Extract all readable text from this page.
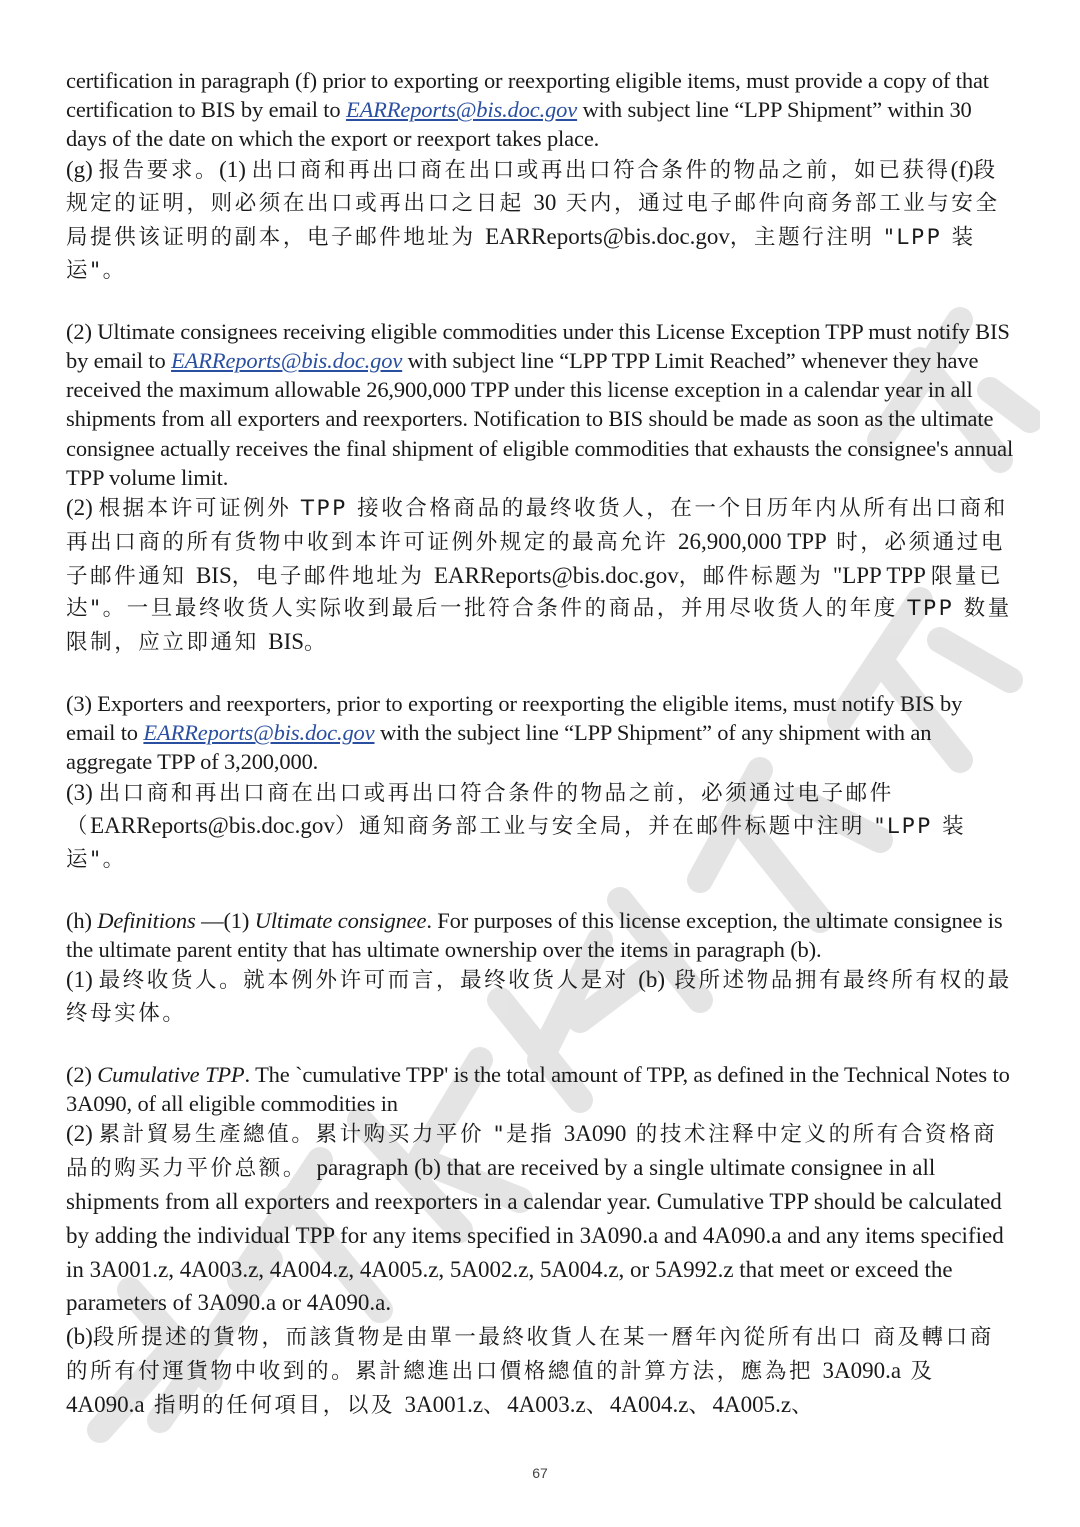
certification in paragraph (f) prior to exporting or reexporting eligible items, must provide a copy of that certification to BIS by email to EARReports@bis.doc.gov with subject line “LPP Shipment” within 30 days of the date on which the export or reexport takes place.

(g) 报告要求。(1) 出口商和再出口商在出口或再出口符合条件的物品之前，如已获得(f)段规定的证明，则必须在出口或再出口之日起 30 天内，通过电子邮件向商务部工业与安全局提供该证明的副本，电子邮件地址为 EARReports@bis.doc.gov，主题行注明 "LPP 装运"。

(2) Ultimate consignees receiving eligible commodities under this License Exception TPP must notify BIS by email to EARReports@bis.doc.gov with subject line “LPP TPP Limit Reached” whenever they have received the maximum allowable 26,900,000 TPP under this license exception in a calendar year in all shipments from all exporters and reexporters. Notification to BIS should be made as soon as the ultimate consignee actually receives the final shipment of eligible commodities that exhausts the consignee's annual TPP volume limit.

(2) 根据本许可证例外 TPP 接收合格商品的最终收货人，在一个日历年内从所有出口商和再出口商的所有货物中收到本许可证例外规定的最高允许 26,900,000 TPP 时，必须通过电子邮件通知 BIS，电子邮件地址为 EARReports@bis.doc.gov，邮件标题为 "LPP TPP 限量已达"。一旦最终收货人实际收到最后一批符合条件的商品，并用尽收货人的年度 TPP 数量限制，应立即通知 BIS。

(3) Exporters and reexporters, prior to exporting or reexporting the eligible items, must notify BIS by email to EARReports@bis.doc.gov with the subject line “LPP Shipment” of any shipment with an aggregate TPP of 3,200,000.

(3) 出口商和再出口商在出口或再出口符合条件的物品之前，必须通过电子邮件（EARReports@bis.doc.gov）通知商务部工业与安全局，并在邮件标题中注明 "LPP 装运"。

(h) Definitions —(1) Ultimate consignee. For purposes of this license exception, the ultimate consignee is the ultimate parent entity that has ultimate ownership over the items in paragraph (b).

(1) 最终收货人。就本例外许可而言，最终收货人是对 (b) 段所述物品拥有最终所有权的最终母实体。

(2) Cumulative TPP. The `cumulative TPP' is the total amount of TPP, as defined in the Technical Notes to 3A090, of all eligible commodities in

(2) 累計貿易生產總值。累计购买力平价 "是指 3A090 的技术注释中定义的所有合资格商品的购买力平价总额。 paragraph (b) that are received by a single ultimate consignee in all shipments from all exporters and reexporters in a calendar year. Cumulative TPP should be calculated by adding the individual TPP for any items specified in 3A090.a and 4A090.a and any items specified in 3A001.z, 4A003.z, 4A004.z, 4A005.z, 5A002.z, 5A004.z, or 5A992.z that meet or exceed the parameters of 3A090.a or 4A090.a.

(b)段所提述的貨物，而該貨物是由單一最終收貨人在某一曆年內從所有出口 商及轉口商的所有付運貨物中收到的。累計總進出口價格總值的計算方法，應為把 3A090.a 及 4A090.a 指明的任何項目，以及 3A001.z、4A003.z、4A004.z、4A005.z、

67
